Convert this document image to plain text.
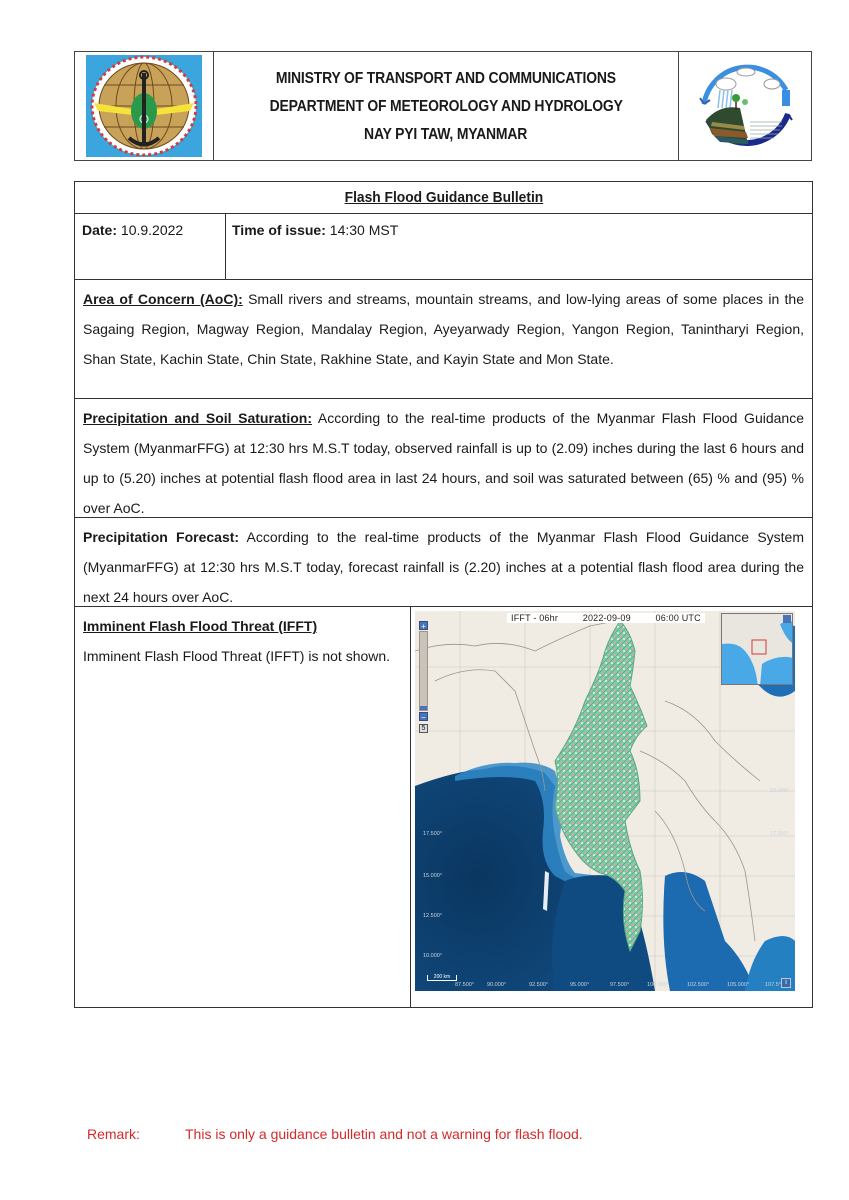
MINISTRY OF TRANSPORT AND COMMUNICATIONS
DEPARTMENT OF METEOROLOGY AND HYDROLOGY
NAY PYI TAW, MYANMAR
Flash Flood Guidance Bulletin
Date: 10.9.2022	Time of issue: 14:30 MST
Area of Concern (AoC): Small rivers and streams, mountain streams, and low-lying areas of some places in the Sagaing Region, Magway Region, Mandalay Region, Ayeyarwady Region, Yangon Region, Tanintharyi Region, Shan State, Kachin State, Chin State, Rakhine State, and Kayin State and Mon State.
Precipitation and Soil Saturation: According to the real-time products of the Myanmar Flash Flood Guidance System (MyanmarFFG) at 12:30 hrs M.S.T today, observed rainfall is up to (2.09) inches during the last 6 hours and up to (5.20) inches at potential flash flood area in last 24 hours, and soil was saturated between (65) % and (95) % over AoC.
Precipitation Forecast: According to the real-time products of the Myanmar Flash Flood Guidance System (MyanmarFFG) at 12:30 hrs M.S.T today, forecast rainfall is (2.20) inches at a potential flash flood area during the next 24 hours over AoC.
Imminent Flash Flood Threat (IFFT)
Imminent Flash Flood Threat (IFFT) is not shown.
IFFT - 06hr	2022-09-09	06:00 UTC
+
−
5
17.500°
15.000°
12.500°
10.000°
23.000°
17.500°
87.500° 90.000°	92.500°	95.000°	97.500°	100.000°	102.500°	105.000°	107.5°
200 km
i
Remark:	This is only a guidance bulletin and not a warning for flash flood.
